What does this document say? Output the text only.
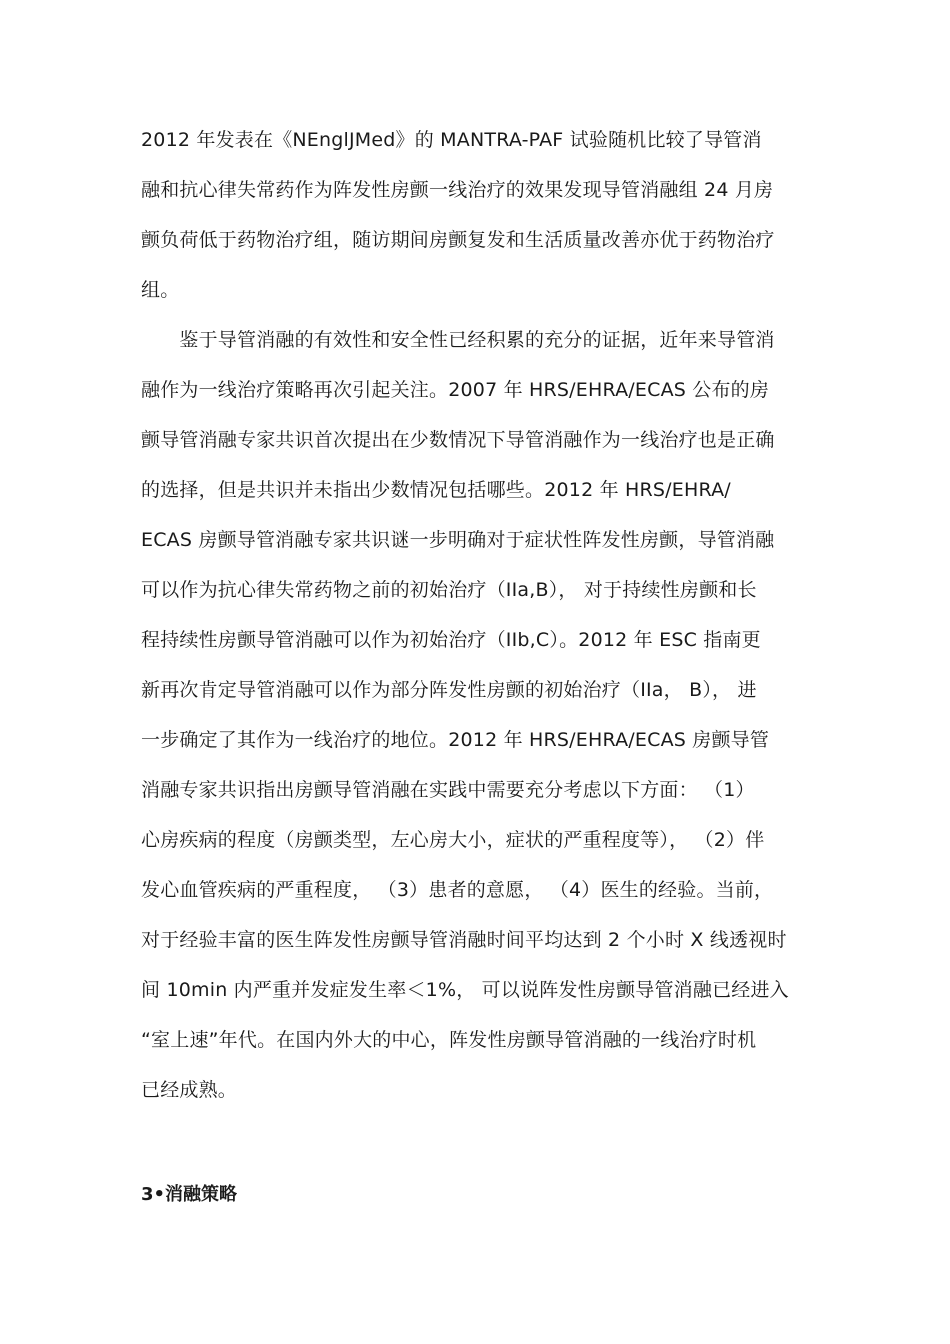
2012 年发表在《NEnglJMed》的 MANTRA-PAF 试验随机比较了导管消
融和抗心律失常药作为阵发性房颤一线治疗的效果发现导管消融组 24 月房
颤负荷低于药物治疗组，随访期间房颤复发和生活质量改善亦优于药物治疗
组。
　　鉴于导管消融的有效性和安全性已经积累的充分的证据，近年来导管消
融作为一线治疗策略再次引起关注。2007 年 HRS/EHRA/ECAS 公布的房
颤导管消融专家共识首次提出在少数情况下导管消融作为一线治疗也是正确
的选择，但是共识并未指出少数情况包括哪些。2012 年 HRS/EHRA/
ECAS 房颤导管消融专家共识谜一步明确对于症状性阵发性房颤，导管消融
可以作为抗心律失常药物之前的初始治疗（IIa,B）， 对于持续性房颤和长
程持续性房颤导管消融可以作为初始治疗（IIb,C）。2012 年 ESC 指南更
新再次肯定导管消融可以作为部分阵发性房颤的初始治疗（IIa， B）， 进
一步确定了其作为一线治疗的地位。2012 年 HRS/EHRA/ECAS 房颤导管
消融专家共识指出房颤导管消融在实践中需要充分考虑以下方面： （1）
心房疾病的程度（房颤类型，左心房大小，症状的严重程度等）， （2）伴
发心血管疾病的严重程度， （3）患者的意愿， （4）医生的经验。当前，
对于经验丰富的医生阵发性房颤导管消融时间平均达到 2 个小时 X 线透视时
间 10min 内严重并发症发生率＜1%， 可以说阵发性房颤导管消融已经进入
“室上速”年代。在国内外大的中心，阵发性房颤导管消融的一线治疗时机
已经成熟。
3•消融策略
